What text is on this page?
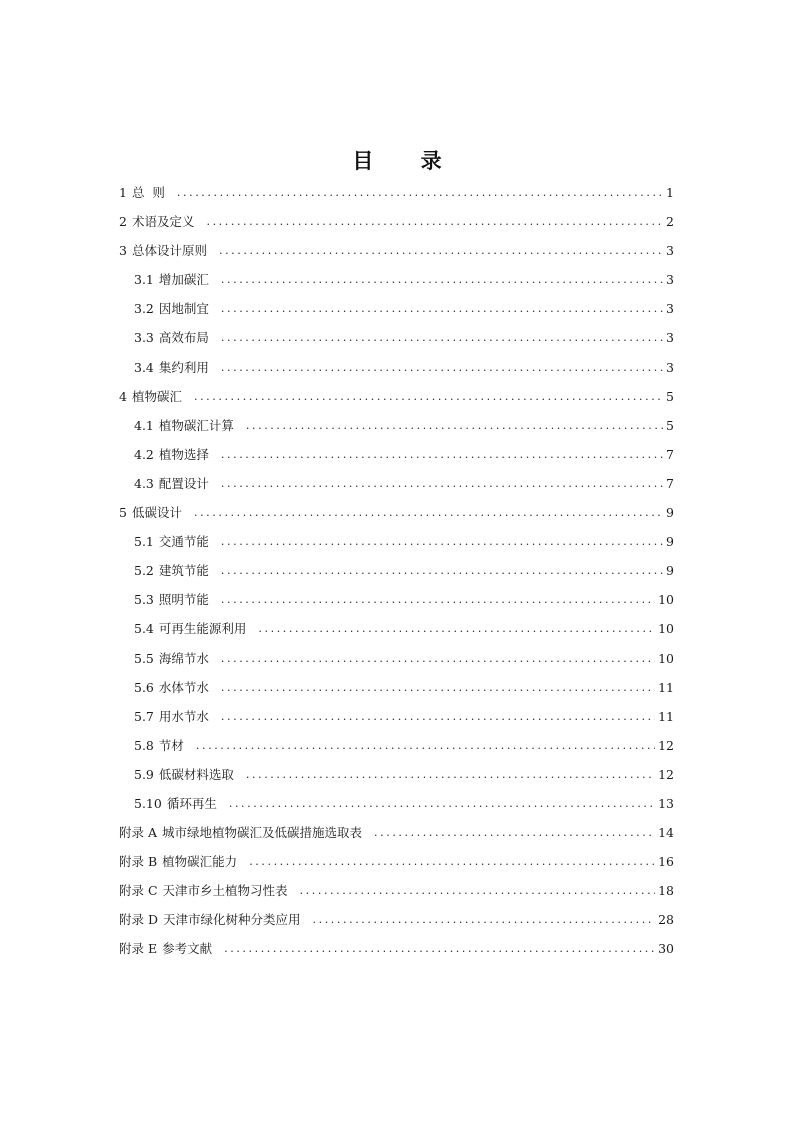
目 录
1 总  则 .....	1
2 术语及定义 .....	2
3 总体设计原则 .....	3
3.1 增加碳汇 .....	3
3.2 因地制宜 .....	3
3.3 高效布局 .....	3
3.4 集约利用 .....	3
4 植物碳汇 .....	5
4.1 植物碳汇计算 .....	5
4.2 植物选择 .....	7
4.3 配置设计 .....	7
5 低碳设计 .....	9
5.1 交通节能 .....	9
5.2 建筑节能 .....	9
5.3 照明节能 .....	10
5.4 可再生能源利用 .....	10
5.5 海绵节水 .....	10
5.6 水体节水 .....	11
5.7 用水节水 .....	11
5.8 节材 .....	12
5.9 低碳材料选取 .....	12
5.10 循环再生 .....	13
附录 A 城市绿地植物碳汇及低碳措施选取表 .....	14
附录 B 植物碳汇能力 .....	16
附录 C 天津市乡土植物习性表 .....	18
附录 D 天津市绿化树种分类应用 .....	28
附录 E 参考文献 .....	30
